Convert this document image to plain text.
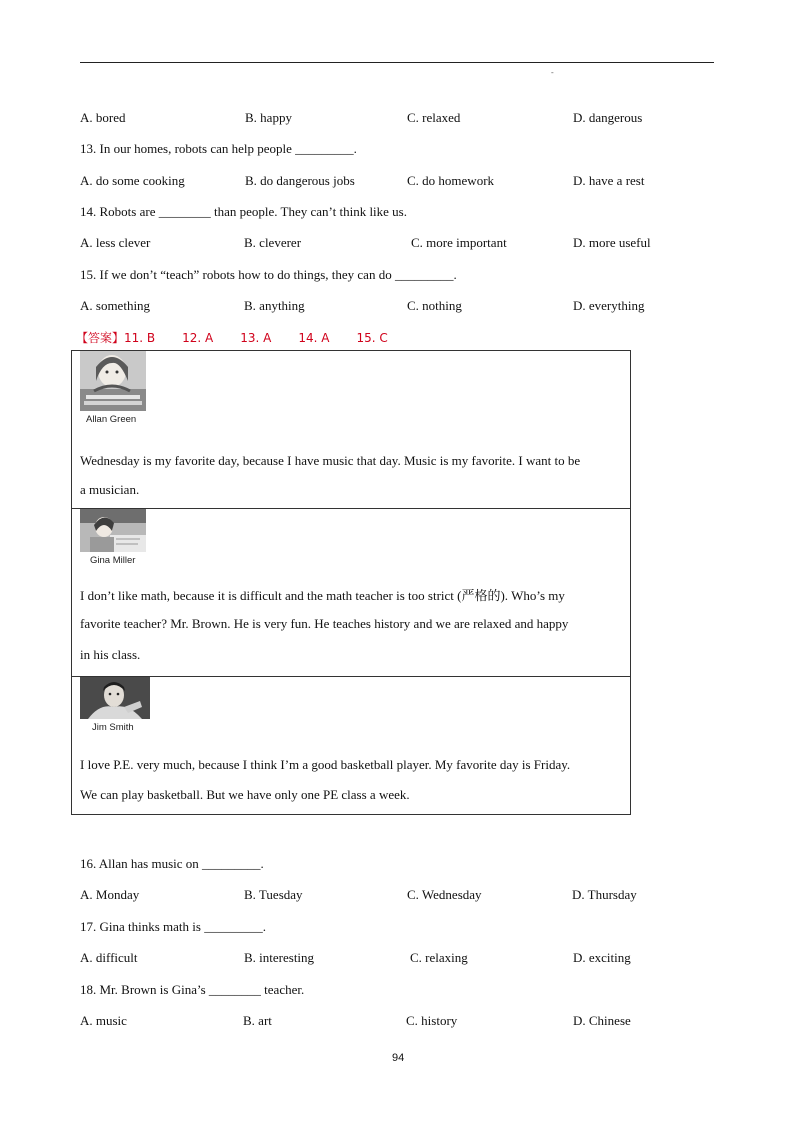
-
A. bored	B. happy	C. relaxed	D. dangerous
13. In our homes, robots can help people _________.
A. do some cooking	B. do dangerous jobs	C. do homework	D. have a rest
14. Robots are ________ than people. They can’t think like us.
A. less clever	B. cleverer	C. more important	D. more useful
15. If we don’t “teach” robots how to do things, they can do _________.
A. something	B. anything	C. nothing	D. everything
【答案】11. B 12. A 13. A 14. A 15. C
Allan Green
Wednesday is my favorite day, because I have music that day. Music is my favorite. I want to be
a musician.
Gina Miller
I don’t like math, because it is difficult and the math teacher is too strict (严格的). Who’s my
favorite teacher? Mr. Brown. He is very fun. He teaches history and we are relaxed and happy
in his class.
Jim Smith
I love P.E. very much, because I think I’m a good basketball player. My favorite day is Friday.
We can play basketball. But we have only one PE class a week.
16. Allan has music on _________.
A. Monday	B. Tuesday	C. Wednesday	D. Thursday
17. Gina thinks math is _________.
A. difficult	B. interesting	C. relaxing	D. exciting
18. Mr. Brown is Gina’s ________ teacher.
A. music	B. art	C. history	D. Chinese
94
